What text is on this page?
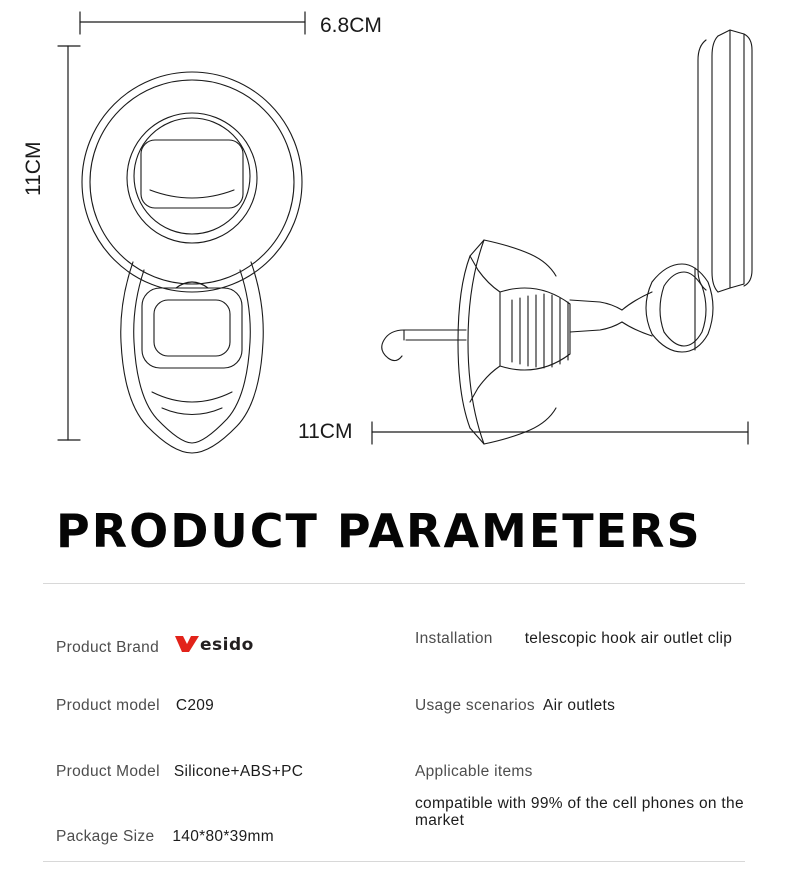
6.8CM
11CM
11CM
PRODUCT PARAMETERS
Product Brand esido
Product model C209
Product Model Silicone+ABS+PC
Package Size 140*80*39mm
Installation telescopic hook air outlet clip
Usage scenarios Air outlets
Applicable items
compatible with 99% of the cell phones on the market
